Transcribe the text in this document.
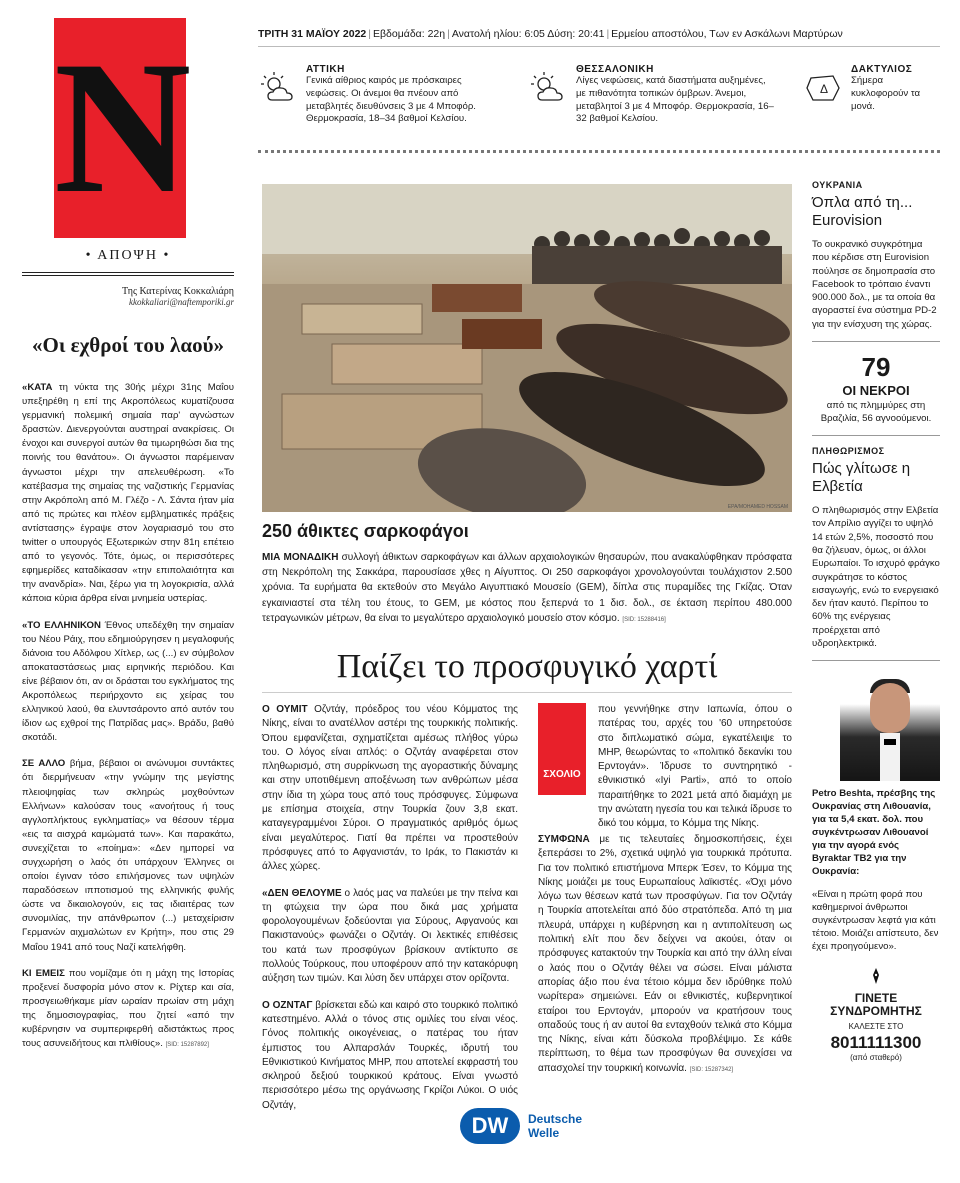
N
• ΑΠΟΨΗ •
Της Κατερίνας Κοκκαλιάρη
kkokkaliari@naftemporiki.gr
«Οι εχθροί του λαού»

«ΚΑΤΑ τη νύκτα της 30ής μέχρι 31ης Μαΐου υπεξηρέθη η επί της Ακροπόλεως κυματίζουσα γερμανική πολεμική σημαία παρ' αγνώστων δραστών. Διενεργούνται αυστηραί ανακρίσεις. Οι ένοχοι και συνεργοί αυτών θα τιμωρηθώσι δια της ποινής του θανάτου». Οι άγνωστοι παρέμειναν άγνωστοι μέχρι την απελευθέρωση. «Το κατέβασμα της σημαίας της ναζιστικής Γερμανίας στην Ακρόπολη από Μ. Γλέζο - Λ. Σάντα ήταν μία από τις πρώτες και πλέον εμβληματικές πράξεις αντίστασης» έγραψε στον λογαριασμό του στο twitter ο υπουργός Εξωτερικών στην 81η επέτειο από το γεγονός. Τότε, όμως, οι περισσότερες εφημερίδες καταδίκασαν «την επιπολαιότητα και την ανανδρία». Ναι, ξέρω για τη λογοκρισία, αλλά κάποια κύρια άρθρα είναι μνημεία υστερίας.

«ΤΟ ΕΛΛΗΝΙΚΟΝ Έθνος υπεδέχθη την σημαίαν του Νέου Ράιχ, που εδημιούργησεν η μεγαλοφυής διάνοια του Αδόλφου Χίτλερ, ως (...) εν σύμβολον αποκαταστάσεως μιας ειρηνικής περιόδου. Και είνε βέβαιον ότι, αν οι δράσται του εγκλήματος της Ακροπόλεως περιήρχοντο εις χείρας του ελληνικού λαού, θα ελυντσάροντο από αυτόν του ίδιον ως εχθροί της Πατρίδας μας». Βράδυ, βαθύ σκοτάδι.

ΣΕ ΑΛΛΟ βήμα, βέβαιοι οι ανώνυμοι συντάκτες ότι διερμήνευαν «την γνώμην της μεγίστης πλειοψηφίας των σκληρώς μοχθούντων Ελλήνων» καλούσαν τους «ανοήτους ή τους αγγλοπλήκτους εγκληματίας» να θέσουν τέρμα «εις τα αισχρά καμώματά των». Και παρακάτω, συνεχίζεται το «ποίημα»: «Δεν ημπορεί να συγχωρήση ο λαός ότι υπάρχουν Έλληνες οι οποίοι έγιναν τόσο επιλήσμονες των υψηλών παραδόσεων ιπποτισμού της ελληνικής φυλής ώστε να δικαιολογούν, εις τας ιδιαιτέρας των συνομιλίας, την απάνθρωπον (...) μεταχείρισιν Γερμανών αιχμαλώτων εν Κρήτη», που στις 29 Μαΐου 1941 από τους Ναζί κατελήφθη.

ΚΙ ΕΜΕΙΣ που νομίζαμε ότι η μάχη της Ιστορίας προξενεί δυσφορία μόνο στον κ. Ρίχτερ και σία, προσγειωθήκαμε μίαν ωραίαν πρωίαν στη μάχη της δημοσιογραφίας, που ζητεί «από την κυβέρνησιν να συμπεριφερθή αδιστάκτως προς τους ασυνειδήτους και πλιθίους». [SID: 15287892]

ΤΡΙΤΗ 31 ΜΑΪΟΥ 2022 | Εβδομάδα: 22η | Ανατολή ηλίου: 6:05 Δύση: 20:41 | Ερμείου αποστόλου, Των εν Ασκάλωνι Μαρτύρων
ΑΤΤΙΚΗ
Γενικά αίθριος καιρός με πρόσκαιρες νεφώσεις. Οι άνεμοι θα πνέουν από μεταβλητές διευθύνσεις 3 με 4 Μποφόρ. Θερμοκρασία, 18–34 βαθμοί Κελσίου.
ΘΕΣΣΑΛΟΝΙΚΗ
Λίγες νεφώσεις, κατά διαστήματα αυξημένες, με πιθανότητα τοπικών όμβρων. Άνεμοι, μεταβλητοί 3 με 4 Μποφόρ. Θερμοκρασία, 16–32 βαθμοί Κελσίου.
Δ
ΔΑΚΤΥΛΙΟΣ
Σήμερα κυκλοφορούν τα μονά.
EPA/MOHAMED HOSSAM
250 άθικτες σαρκοφάγοι

ΜΙΑ ΜΟΝΑΔΙΚΗ συλλογή άθικτων σαρκοφάγων και άλλων αρχαιολογικών θησαυρών, που ανακαλύφθηκαν πρόσφατα στη Νεκρόπολη της Σακκάρα, παρουσίασε χθες η Αίγυπτος. Οι 250 σαρκοφάγοι χρονολογούνται τουλάχιστον 2.500 χρόνια. Τα ευρήματα θα εκτεθούν στο Μεγάλο Αιγυπτιακό Μουσείο (GEM), δίπλα στις πυραμίδες της Γκίζας. Όταν εγκαινιαστεί στα τέλη του έτους, το GEM, με κόστος που ξεπερνά τo 1 δισ. δολ., σε έκταση περίπου 480.000 τετραγωνικών μέτρων, θα είναι το μεγαλύτερο αρχαιολογικό μουσείο στον κόσμο. [SID: 15288416]

Παίζει το προσφυγικό χαρτί

Ο ΟΥΜΙΤ Οζντάγ, πρόεδρος του νέου Κόμματος της Νίκης, είναι το ανατέλλον αστέρι της τουρκικής πολιτικής. Όπου εμφανίζεται, σχηματίζεται αμέσως πλήθος γύρω του. Ο λόγος είναι απλός: ο Οζντάγ αναφέρεται στον πληθωρισμό, στη συρρίκνωση της αγοραστικής δύναμης και στην υποτιθέμενη αποξένωση των ανθρώπων μέσα στην ίδια τη χώρα τους από τους πρόσφυγες. Σύμφωνα με επίσημα στοιχεία, στην Τουρκία ζουν 3,8 εκατ. καταγεγραμμένοι Σύροι. Ο πραγματικός αριθμός όμως είναι μεγαλύτερος. Γιατί θα πρέπει να προστεθούν πρόσφυγες από το Αφγανιστάν, το Ιράκ, το Πακιστάν κι άλλες χώρες.

«ΔΕΝ ΘΕΛΟΥΜΕ ο λαός μας να παλεύει με την πείνα και τη φτώχεια την ώρα που δικά μας χρήματα φορολογουμένων ξοδεύονται για Σύρους, Αφγανούς και Πακιστανούς» φωνάζει ο Οζντάγ. Οι λεκτικές επιθέσεις του κατά των προσφύγων βρίσκουν αντίκτυπο σε πολλούς Τούρκους, που υποφέρουν από την κατακόρυφη αύξηση των τιμών. Και λύση δεν υπάρχει στον ορίζοντα.

Ο ΟΖΝΤΑΓ βρίσκεται εδώ και καιρό στο τουρκικό πολιτικό κατεστημένο. Αλλά ο τόνος στις ομιλίες του είναι νέος. Γόνος πολιτικής οικογένειας, ο πατέρας του ήταν έμπιστος του Αλπαρσλάν Τουρκές, ιδρυτή του Εθνικιστικού Κινήματος ΜΗΡ, που αποτελεί εκφραστή του σκληρού δεξιού τουρκικού κράτους. Είναι γνωστό περισσότερο μέσω της οργάνωσης Γκρίζοι Λύκοι. Ο υιός Οζντάγ,

ΣΧΟΛΙΟ

που γεννήθηκε στην Ιαπωνία, όπου ο πατέρας του, αρχές του '60 υπηρετούσε στο διπλωματικό σώμα, εγκατέλειψε το ΜΗΡ, θεωρώντας το «πολιτικό δεκανίκι του Ερντογάν». Ίδρυσε το συντηρητικό - εθνικιστικό «Iyi Parti», από το οποίο παραιτήθηκε το 2021 μετά από διαμάχη με την ανώτατη ηγεσία του και τελικά ίδρυσε το δικό του κόμμα, το Κόμμα της Νίκης.

ΣΥΜΦΩΝΑ με τις τελευταίες δημοσκοπήσεις, έχει ξεπεράσει το 2%, σχετικά υψηλό για τουρκικά πρότυπα. Για τον πολιτικό επιστήμονα Μπερκ Έσεν, το Κόμμα της Νίκης μοιάζει με τους Ευρωπαίους λαϊκιστές. «Όχι μόνο λόγω των θέσεων κατά των προσφύγων. Για τον Οζντάγ η Τουρκία αποτελείται από δύο στρατόπεδα. Από τη μια πλευρά, υπάρχει η κυβέρνηση και η αντιπολίτευση ως πολιτική ελίτ που δεν δείχνει να ακούει, όταν οι πρόσφυγες κατακτούν την Τουρκία και από την άλλη είναι ο λαός που ο Οζντάγ θέλει να σώσει. Είναι μάλιστα απορίας άξιο που ένα τέτοιο κόμμα δεν ιδρύθηκε πολύ νωρίτερα» σημειώνει. Εάν οι εθνικιστές, κυβερνητικοί εταίροι του Ερντογάν, μπορούν να κρατήσουν τους οπαδούς τους ή αν αυτοί θα ενταχθούν τελικά στο Κόμμα της Νίκης, είναι κάτι δύσκολα προβλέψιμο. Σε κάθε περίπτωση, το θέμα των προσφύγων θα συνεχίσει να απασχολεί την τουρκική κοινωνία. [SID: 15287342]

DW	Deutsche
Welle
ΟΥΚΡΑΝΙΑ
Όπλα από τη... Eurovision
Το ουκρανικό συγκρότημα που κέρδισε στη Eurovision πούλησε σε δημοπρασία στο Facebook το τρόπαιο έναντι 900.000 δολ., με τα οποία θα αγοραστεί ένα σύστημα PD-2 για την ενίσχυση της χώρας.
79
ΟΙ ΝΕΚΡΟΙ
από τις πλημμύρες στη Βραζιλία, 56 αγνοούμενοι.
ΠΛΗΘΩΡΙΣΜΟΣ
Πώς γλίτωσε η Ελβετία
Ο πληθωρισμός στην Ελβετία τον Απρίλιο αγγίζει το υψηλό 14 ετών 2,5%, ποσοστό που θα ζήλευαν, όμως, οι άλλοι Ευρωπαίοι. Το ισχυρό φράγκο συγκράτησε το κόστος εισαγωγής, ενώ το ενεργειακό δεν ήταν καυτό. Περίπου το 60% της ενέργειας προέρχεται από υδροηλεκτρικά.
Petro Beshta, πρέσβης της Ουκρανίας στη Λιθουανία, για τα 5,4 εκατ. δολ. που συγκέντρωσαν Λιθουανοί για την αγορά ενός Byraktar TB2 για την Ουκρανία:
«Είναι η πρώτη φορά που καθημερινοί άνθρωποι συγκέντρωσαν λεφτά για κάτι τέτοιο. Μοιάζει απίστευτο, δεν έχει προηγούμενο».
ΓΙΝΕΤΕ
ΣΥΝΔΡΟΜΗΤΗΣ
ΚΑΛΕΣΤΕ ΣΤΟ
8011111300
(από σταθερό)
